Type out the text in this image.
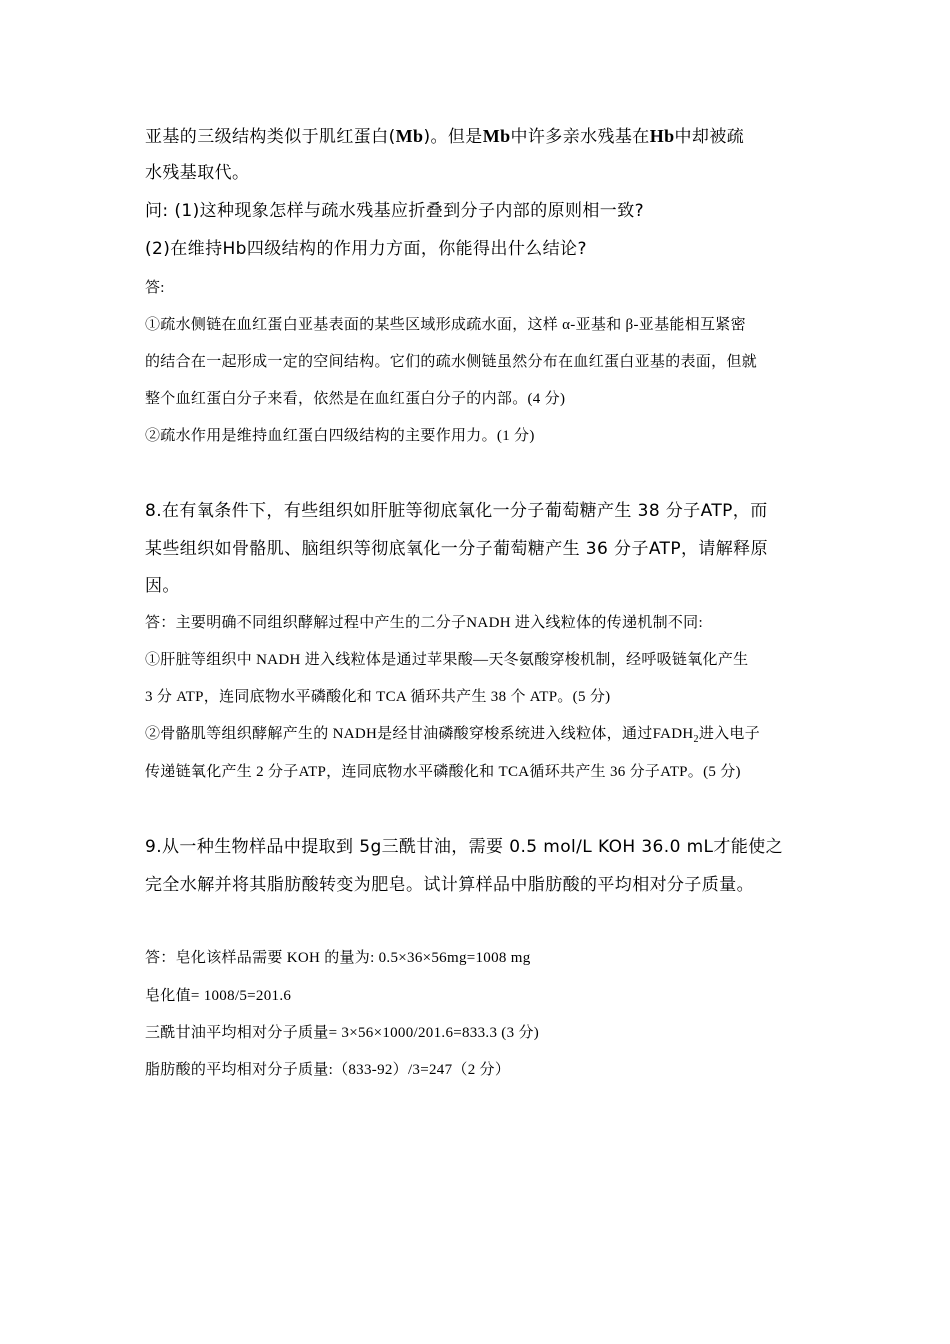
亚基的三级结构类似于肌红蛋白(Mb)。但是Mb中许多亲水残基在Hb中却被疏
水残基取代。
问: (1)这种现象怎样与疏水残基应折叠到分子内部的原则相一致?
(2)在维持Hb四级结构的作用力方面，你能得出什么结论?
答:
①疏水侧链在血红蛋白亚基表面的某些区域形成疏水面，这样 α-亚基和 β-亚基能相互紧密
的结合在一起形成一定的空间结构。它们的疏水侧链虽然分布在血红蛋白亚基的表面，但就
整个血红蛋白分子来看，依然是在血红蛋白分子的内部。(4 分)
②疏水作用是维持血红蛋白四级结构的主要作用力。(1 分)
8.在有氧条件下，有些组织如肝脏等彻底氧化一分子葡萄糖产生 38 分子ATP，而
某些组织如骨骼肌、脑组织等彻底氧化一分子葡萄糖产生 36 分子ATP，请解释原
因。
答：主要明确不同组织酵解过程中产生的二分子NADH 进入线粒体的传递机制不同:
①肝脏等组织中 NADH 进入线粒体是通过苹果酸—天冬氨酸穿梭机制，经呼吸链氧化产生
3 分 ATP，连同底物水平磷酸化和 TCA 循环共产生 38 个 ATP。(5 分)
②骨骼肌等组织酵解产生的 NADH是经甘油磷酸穿梭系统进入线粒体，通过$FADH_2$进入电子
传递链氧化产生 2 分子ATP，连同底物水平磷酸化和 TCA循环共产生 36 分子ATP。(5 分)
9.从一种生物样品中提取到 5g三酰甘油，需要 0.5 mol/L KOH 36.0 mL才能使之
完全水解并将其脂肪酸转变为肥皂。试计算样品中脂肪酸的平均相对分子质量。
答：皂化该样品需要 KOH 的量为: 0.5×36×56mg=1008 mg
皂化值= 1008/5=201.6
三酰甘油平均相对分子质量= 3×56×1000/201.6=833.3 (3 分)
脂肪酸的平均相对分子质量:（833-92）/3=247（2 分）
